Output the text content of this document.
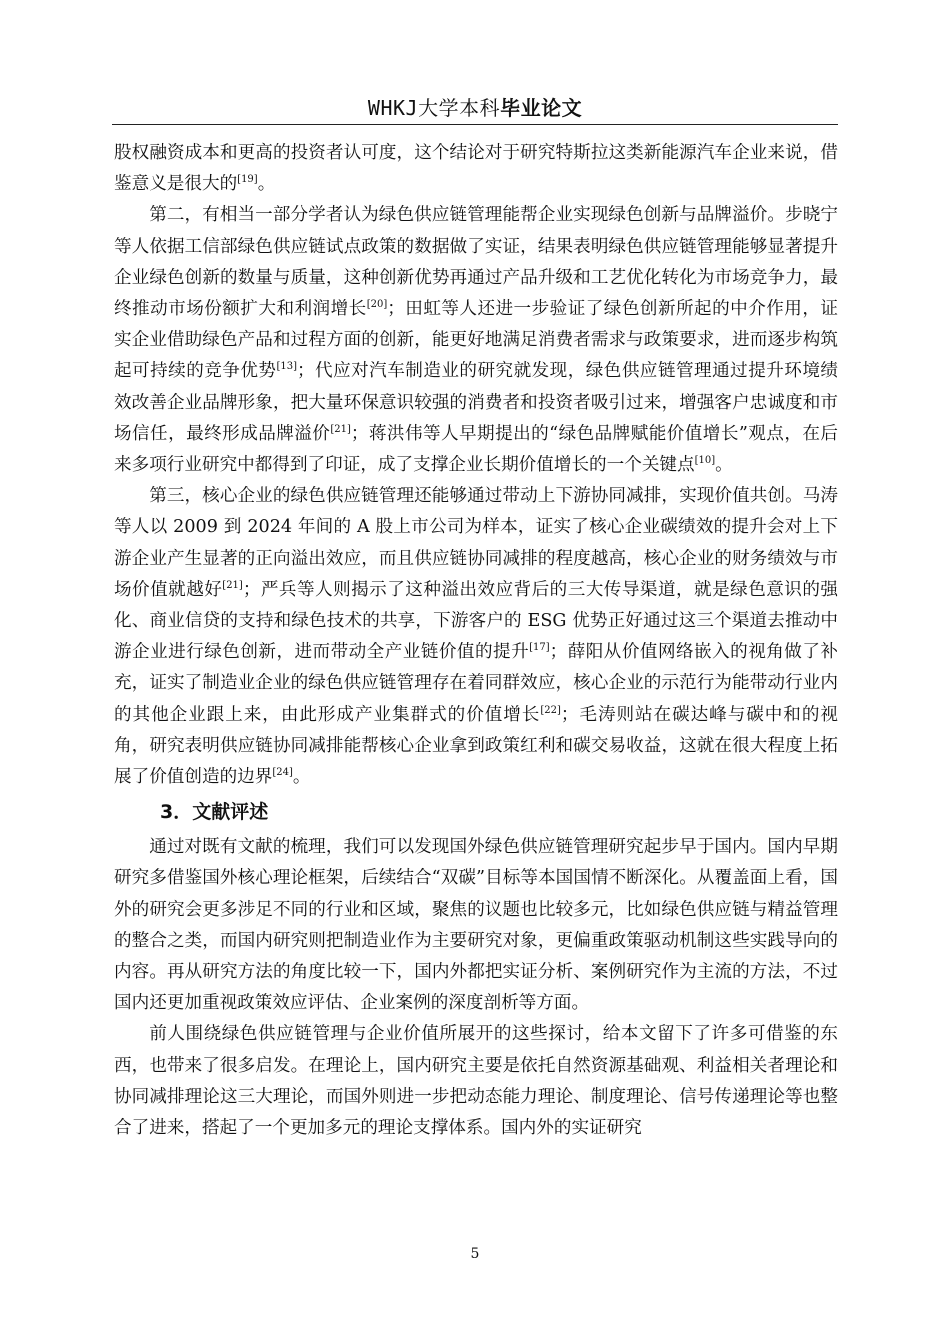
WHKJ大学本科毕业论文

股权融资成本和更高的投资者认可度，这个结论对于研究特斯拉这类新能源汽车企业来说，借鉴意义是很大的[19]。

第二，有相当一部分学者认为绿色供应链管理能帮企业实现绿色创新与品牌溢价。步晓宁等人依据工信部绿色供应链试点政策的数据做了实证，结果表明绿色供应链管理能够显著提升企业绿色创新的数量与质量，这种创新优势再通过产品升级和工艺优化转化为市场竞争力，最终推动市场份额扩大和利润增长[20]；田虹等人还进一步验证了绿色创新所起的中介作用，证实企业借助绿色产品和过程方面的创新，能更好地满足消费者需求与政策要求，进而逐步构筑起可持续的竞争优势[13]；代应对汽车制造业的研究就发现，绿色供应链管理通过提升环境绩效改善企业品牌形象，把大量环保意识较强的消费者和投资者吸引过来，增强客户忠诚度和市场信任，最终形成品牌溢价[21]；蒋洪伟等人早期提出的“绿色品牌赋能价值增长”观点，在后来多项行业研究中都得到了印证，成了支撑企业长期价值增长的一个关键点[10]。

第三，核心企业的绿色供应链管理还能够通过带动上下游协同减排，实现价值共创。马涛等人以 2009 到 2024 年间的 A 股上市公司为样本，证实了核心企业碳绩效的提升会对上下游企业产生显著的正向溢出效应，而且供应链协同减排的程度越高，核心企业的财务绩效与市场价值就越好[21]；严兵等人则揭示了这种溢出效应背后的三大传导渠道，就是绿色意识的强化、商业信贷的支持和绿色技术的共享，下游客户的 ESG 优势正好通过这三个渠道去推动中游企业进行绿色创新，进而带动全产业链价值的提升[17]；薛阳从价值网络嵌入的视角做了补充，证实了制造业企业的绿色供应链管理存在着同群效应，核心企业的示范行为能带动行业内的其他企业跟上来，由此形成产业集群式的价值增长[22]；毛涛则站在碳达峰与碳中和的视角，研究表明供应链协同减排能帮核心企业拿到政策红利和碳交易收益，这就在很大程度上拓展了价值创造的边界[24]。

3．文献评述

通过对既有文献的梳理，我们可以发现国外绿色供应链管理研究起步早于国内。国内早期研究多借鉴国外核心理论框架，后续结合“双碳”目标等本国国情不断深化。从覆盖面上看，国外的研究会更多涉足不同的行业和区域，聚焦的议题也比较多元，比如绿色供应链与精益管理的整合之类，而国内研究则把制造业作为主要研究对象，更偏重政策驱动机制这些实践导向的内容。再从研究方法的角度比较一下，国内外都把实证分析、案例研究作为主流的方法，不过国内还更加重视政策效应评估、企业案例的深度剖析等方面。

前人围绕绿色供应链管理与企业价值所展开的这些探讨，给本文留下了许多可借鉴的东西，也带来了很多启发。在理论上，国内研究主要是依托自然资源基础观、利益相关者理论和协同减排理论这三大理论，而国外则进一步把动态能力理论、制度理论、信号传递理论等也整合了进来，搭起了一个更加多元的理论支撑体系。国内外的实证研究

5
